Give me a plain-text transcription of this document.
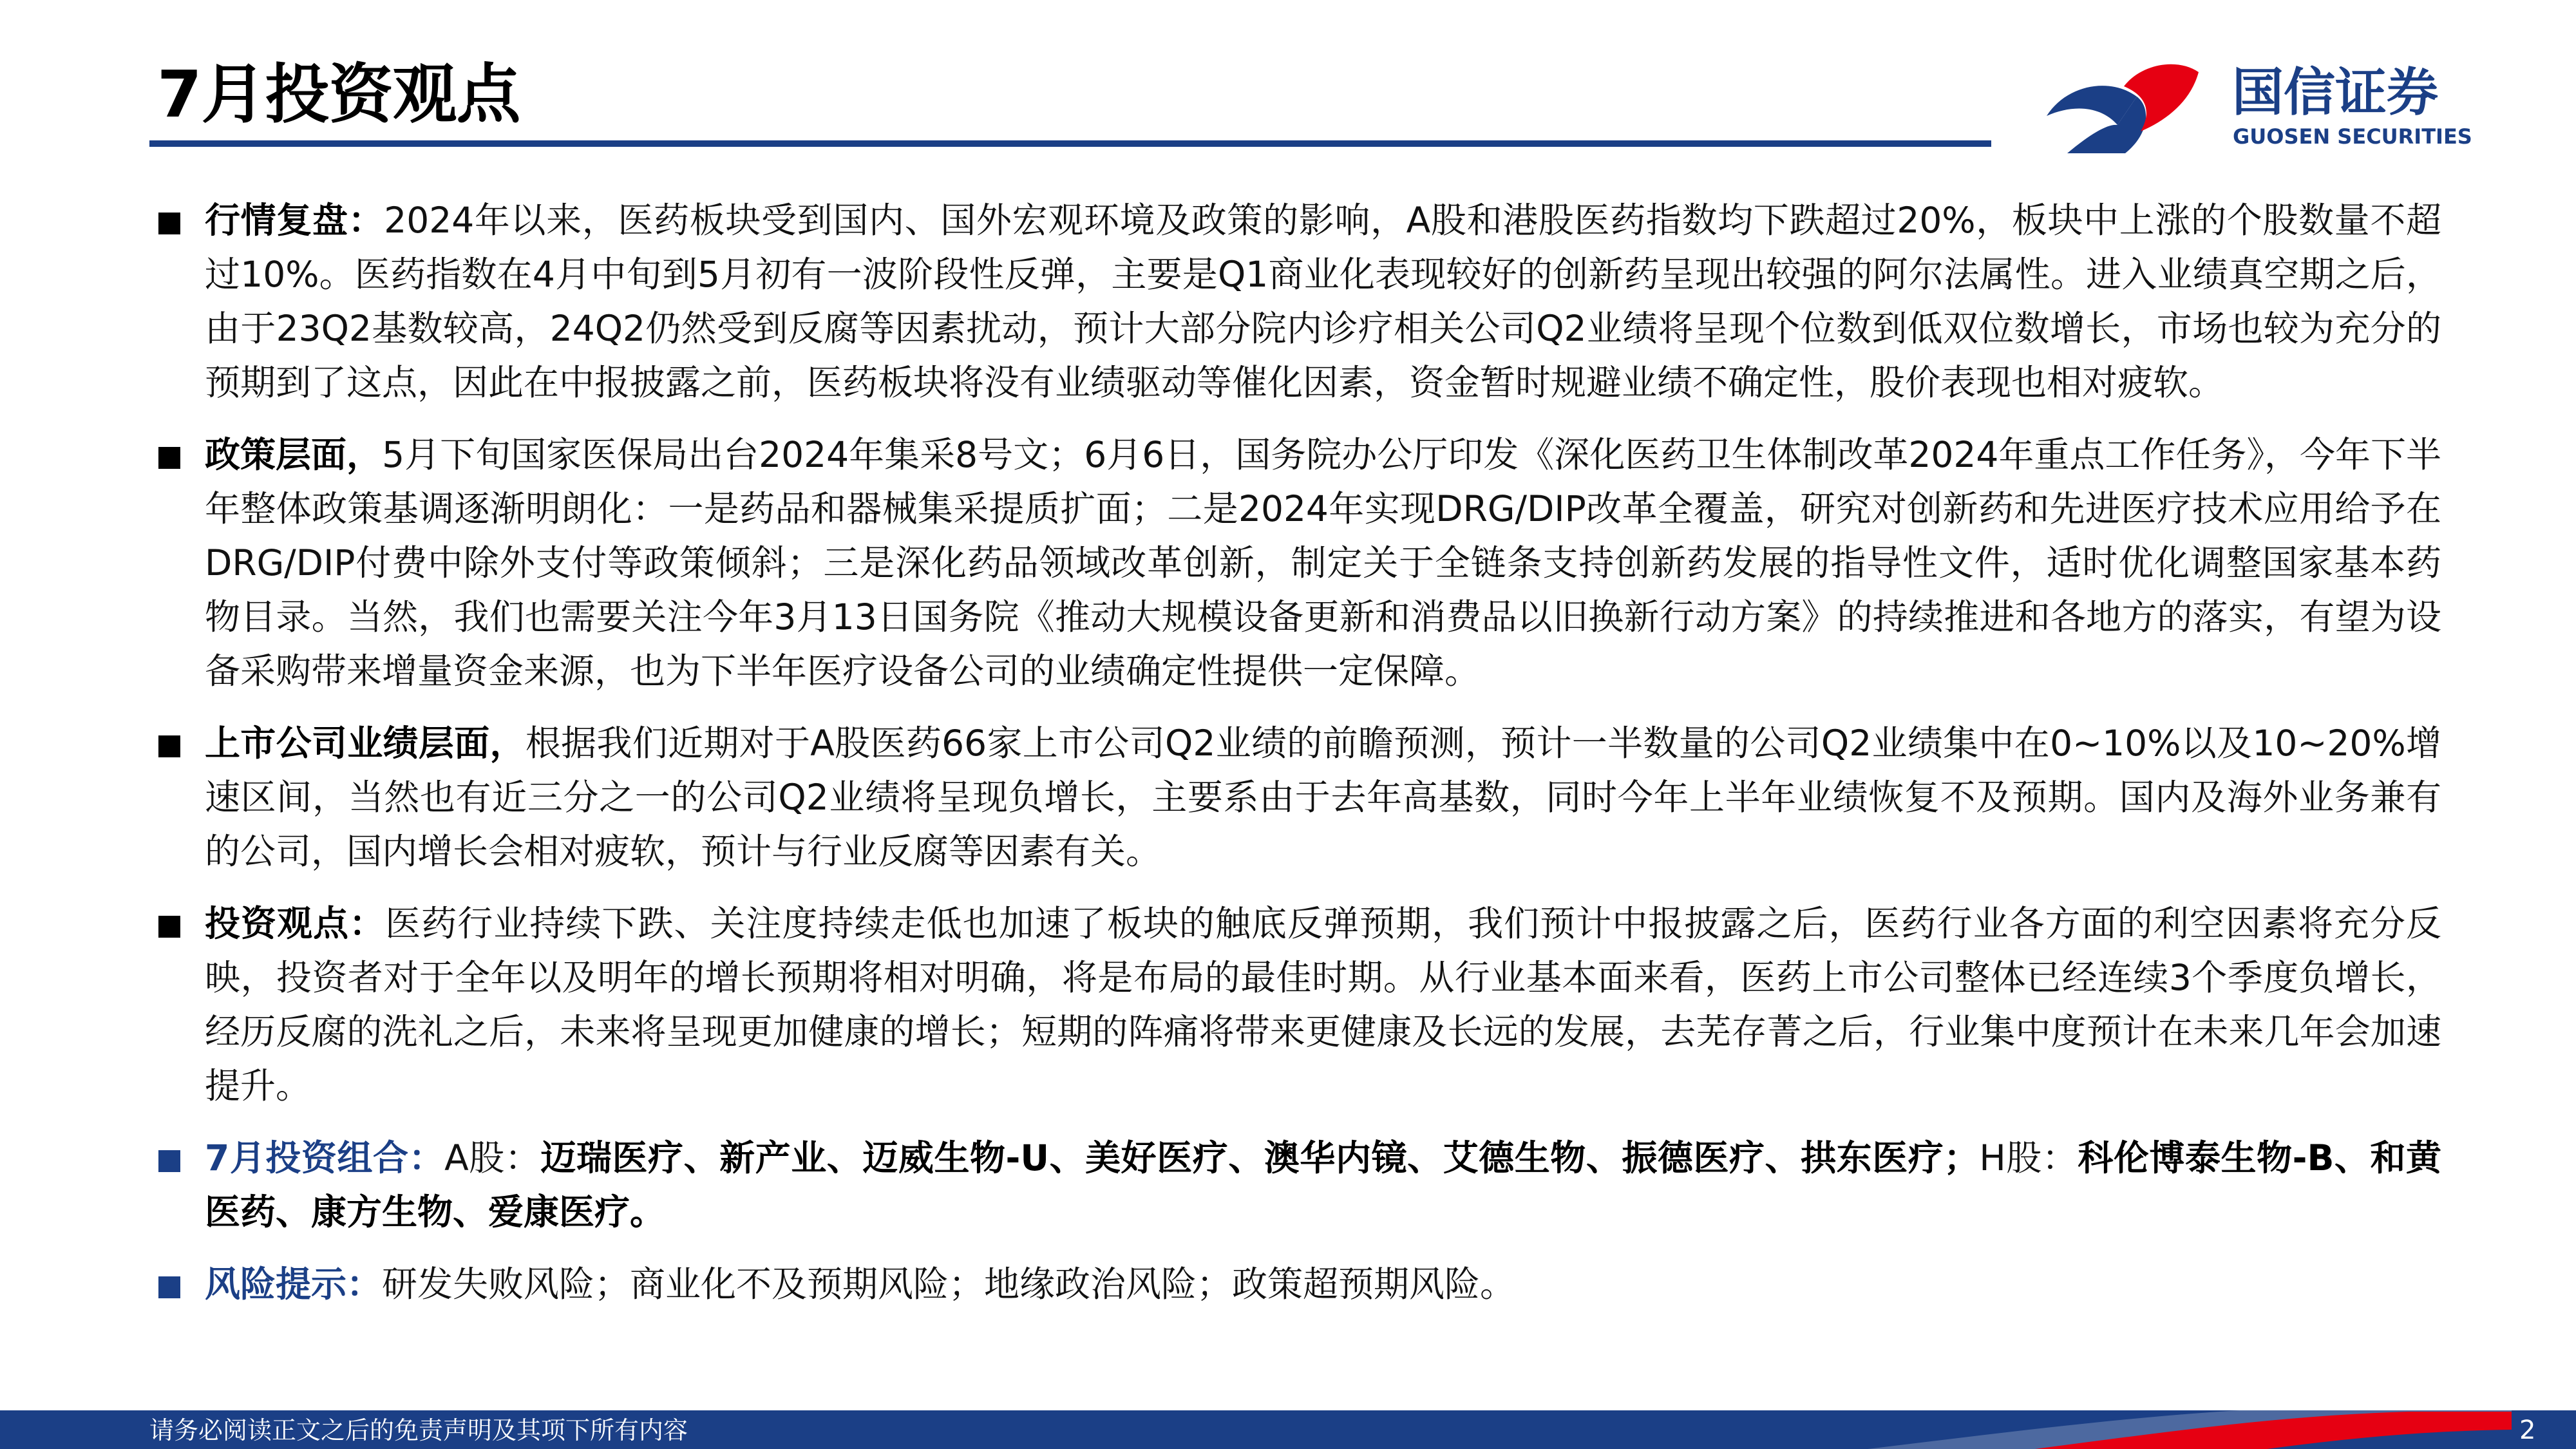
7月投资观点	国信证券
GUOSEN SECURITIES
行情复盘：2024年以来，医药板块受到国内、国外宏观环境及政策的影响，A股和港股医药指数均下跌超过20%，板块中上涨的个股数量不超过10%。医药指数在4月中旬到5月初有一波阶段性反弹，主要是Q1商业化表现较好的创新药呈现出较强的阿尔法属性。进入业绩真空期之后，由于23Q2基数较高，24Q2仍然受到反腐等因素扰动，预计大部分院内诊疗相关公司Q2业绩将呈现个位数到低双位数增长，市场也较为充分的预期到了这点，因此在中报披露之前，医药板块将没有业绩驱动等催化因素，资金暂时规避业绩不确定性，股价表现也相对疲软。
政策层面，5月下旬国家医保局出台2024年集采8号文；6月6日，国务院办公厅印发《深化医药卫生体制改革2024年重点工作任务》，今年下半年整体政策基调逐渐明朗化：一是药品和器械集采提质扩面；二是2024年实现DRG/DIP改革全覆盖，研究对创新药和先进医疗技术应用给予在DRG/DIP付费中除外支付等政策倾斜；三是深化药品领域改革创新，制定关于全链条支持创新药发展的指导性文件，适时优化调整国家基本药物目录。当然，我们也需要关注今年3月13日国务院《推动大规模设备更新和消费品以旧换新行动方案》的持续推进和各地方的落实，有望为设备采购带来增量资金来源，也为下半年医疗设备公司的业绩确定性提供一定保障。
上市公司业绩层面，根据我们近期对于A股医药66家上市公司Q2业绩的前瞻预测，预计一半数量的公司Q2业绩集中在0~10%以及10~20%增速区间，当然也有近三分之一的公司Q2业绩将呈现负增长，主要系由于去年高基数，同时今年上半年业绩恢复不及预期。国内及海外业务兼有的公司，国内增长会相对疲软，预计与行业反腐等因素有关。
投资观点：医药行业持续下跌、关注度持续走低也加速了板块的触底反弹预期，我们预计中报披露之后，医药行业各方面的利空因素将充分反映，投资者对于全年以及明年的增长预期将相对明确，将是布局的最佳时期。从行业基本面来看，医药上市公司整体已经连续3个季度负增长，经历反腐的洗礼之后，未来将呈现更加健康的增长；短期的阵痛将带来更健康及长远的发展，去芜存菁之后，行业集中度预计在未来几年会加速提升。
7月投资组合：A股：迈瑞医疗、新产业、迈威生物-U、美好医疗、澳华内镜、艾德生物、振德医疗、拱东医疗；H股：科伦博泰生物-B、和黄医药、康方生物、爱康医疗。
风险提示：研发失败风险；商业化不及预期风险；地缘政治风险；政策超预期风险。
请务必阅读正文之后的免责声明及其项下所有内容	2
